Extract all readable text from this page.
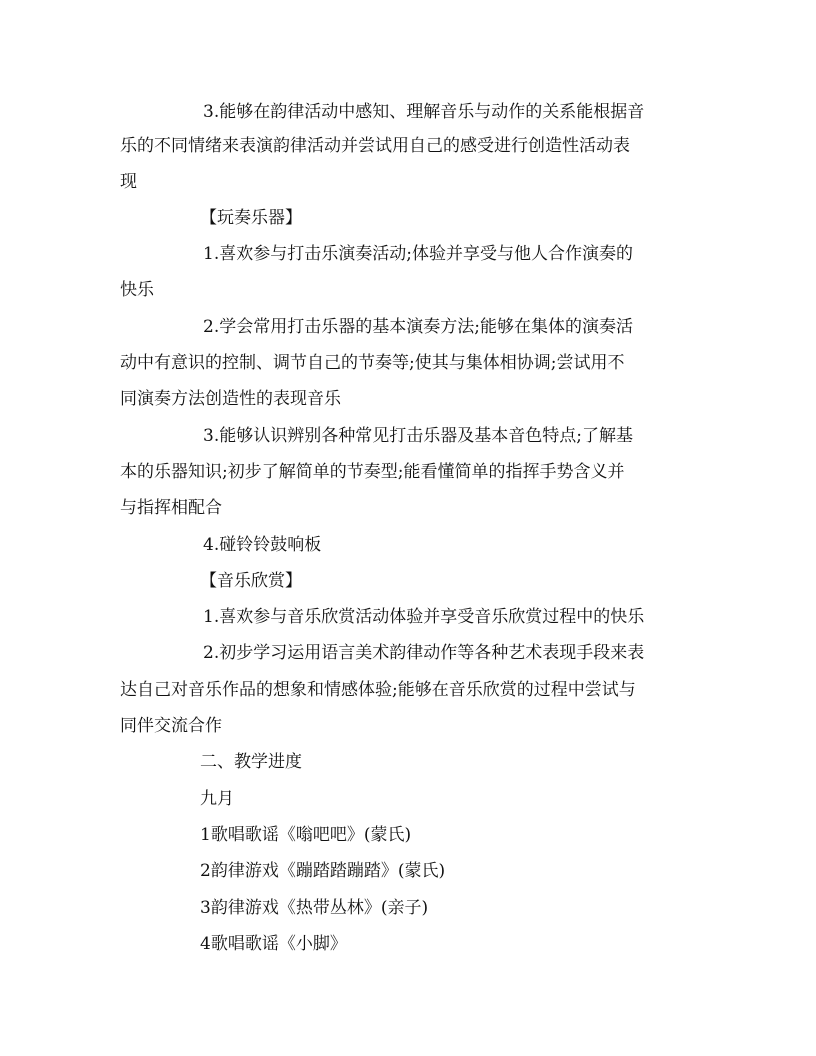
3.能够在韵律活动中感知、理解音乐与动作的关系能根据音
乐的不同情绪来表演韵律活动并尝试用自己的感受进行创造性活动表
现
【玩奏乐器】
1.喜欢参与打击乐演奏活动;体验并享受与他人合作演奏的
快乐
2.学会常用打击乐器的基本演奏方法;能够在集体的演奏活
动中有意识的控制、调节自己的节奏等;使其与集体相协调;尝试用不
同演奏方法创造性的表现音乐
3.能够认识辨别各种常见打击乐器及基本音色特点;了解基
本的乐器知识;初步了解简单的节奏型;能看懂简单的指挥手势含义并
与指挥相配合
4.碰铃铃鼓响板
【音乐欣赏】
1.喜欢参与音乐欣赏活动体验并享受音乐欣赏过程中的快乐
2.初步学习运用语言美术韵律动作等各种艺术表现手段来表
达自己对音乐作品的想象和情感体验;能够在音乐欣赏的过程中尝试与
同伴交流合作
二、教学进度
九月
1歌唱歌谣《嗡吧吧》(蒙氏)
2韵律游戏《蹦踏踏蹦踏》(蒙氏)
3韵律游戏《热带丛林》(亲子)
4歌唱歌谣《小脚》
